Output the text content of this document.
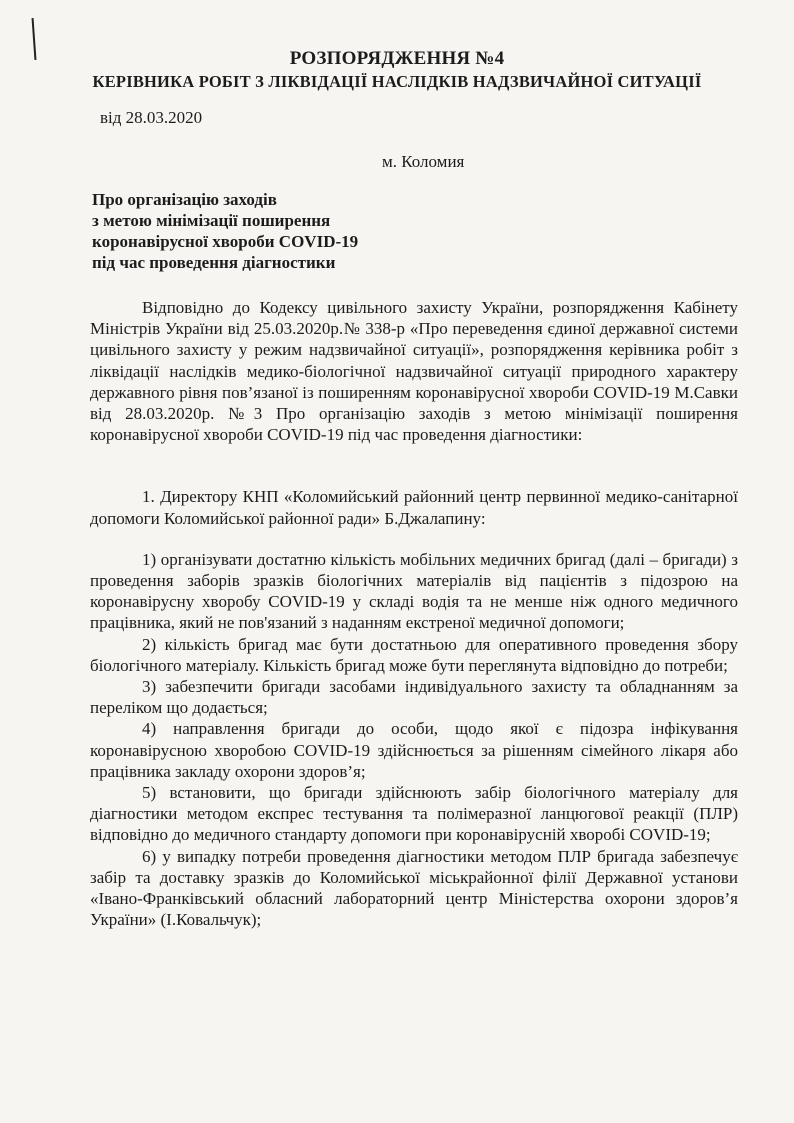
РОЗПОРЯДЖЕННЯ №4
КЕРІВНИКА РОБІТ З ЛІКВІДАЦІЇ НАСЛІДКІВ НАДЗВИЧАЙНОЇ СИТУАЦІЇ
від 28.03.2020
м. Коломия
Про організацію заходів
з метою мінімізації поширення
коронавірусної хвороби COVID-19
під час проведення діагностики

Відповідно до Кодексу цивільного захисту України, розпорядження Кабінету Міністрів України від 25.03.2020р.№ 338-р «Про переведення єдиної державної системи цивільного захисту у режим надзвичайної ситуації», розпорядження керівника робіт з ліквідації наслідків медико-біологічної надзвичайної ситуації природного характеру державного рівня пов’язаної із поширенням коронавірусної хвороби COVID-19 М.Савки від 28.03.2020р. №3 Про організацію заходів з метою мінімізації поширення коронавірусної хвороби COVID-19 під час проведення діагностики:

1. Директору КНП «Коломийський районний центр первинної медико-санітарної допомоги Коломийської районної ради» Б.Джалапину:

1) організувати достатню кількість мобільних медичних бригад (далі – бригади) з проведення заборів зразків біологічних матеріалів від пацієнтів з підозрою на коронавірусну хворобу COVID-19 у складі водія та не менше ніж одного медичного працівника, який не пов'язаний з наданням екстреної медичної допомоги;

2) кількість бригад має бути достатньою для оперативного проведення збору біологічного матеріалу. Кількість бригад може бути переглянута відповідно до потреби;

3) забезпечити бригади засобами індивідуального захисту та обладнанням за переліком що додається;

4) направлення бригади до особи, щодо якої є підозра інфікування коронавірусною хворобою COVID-19 здійснюється за рішенням сімейного лікаря або працівника закладу охорони здоров’я;

5) встановити, що бригади здійснюють забір біологічного матеріалу для діагностики методом експрес тестування та полімеразної ланцюгової реакції (ПЛР) відповідно до медичного стандарту допомоги при коронавірусній хворобі COVID-19;

6) у випадку потреби проведення діагностики методом ПЛР бригада забезпечує забір та доставку зразків до Коломийської міськрайонної філії Державної установи «Івано-Франківський обласний лабораторний центр Міністерства охорони здоров’я України» (І.Ковальчук);
